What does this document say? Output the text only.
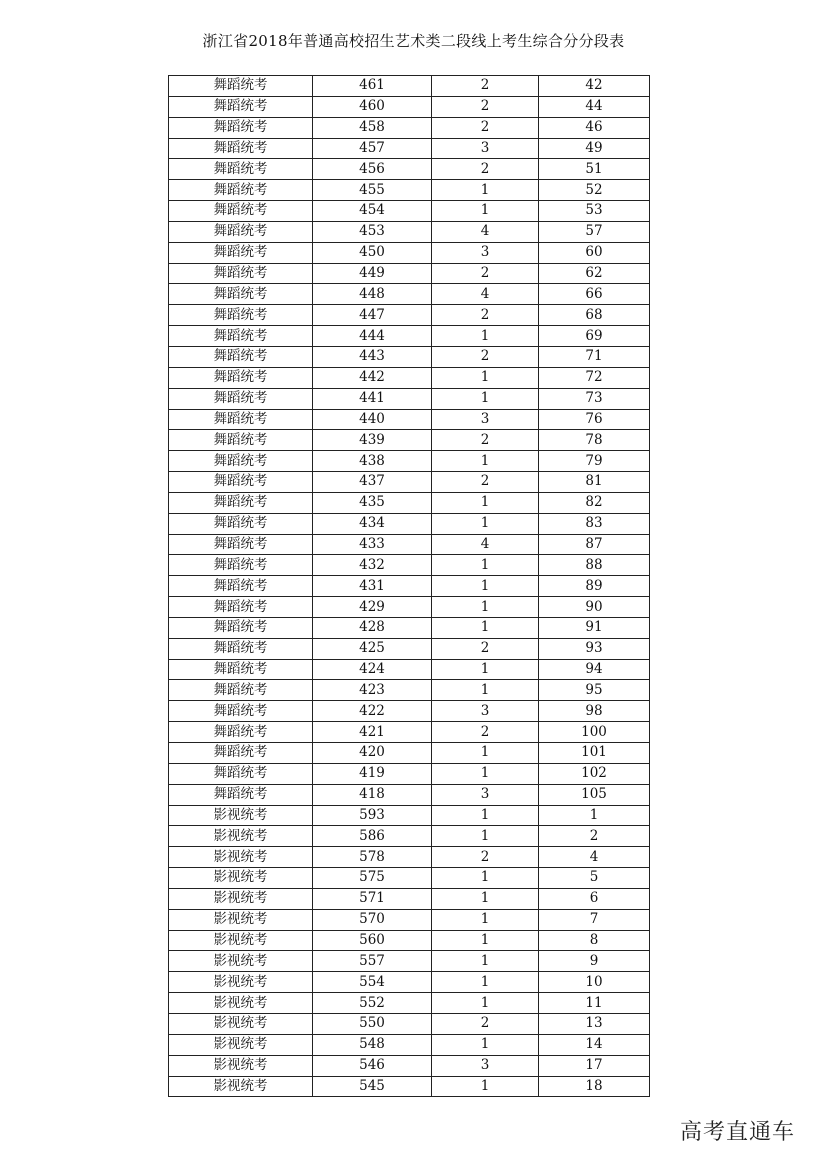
浙江省2018年普通高校招生艺术类二段线上考生综合分分段表
舞蹈统考	461	2	42
舞蹈统考	460	2	44
舞蹈统考	458	2	46
舞蹈统考	457	3	49
舞蹈统考	456	2	51
舞蹈统考	455	1	52
舞蹈统考	454	1	53
舞蹈统考	453	4	57
舞蹈统考	450	3	60
舞蹈统考	449	2	62
舞蹈统考	448	4	66
舞蹈统考	447	2	68
舞蹈统考	444	1	69
舞蹈统考	443	2	71
舞蹈统考	442	1	72
舞蹈统考	441	1	73
舞蹈统考	440	3	76
舞蹈统考	439	2	78
舞蹈统考	438	1	79
舞蹈统考	437	2	81
舞蹈统考	435	1	82
舞蹈统考	434	1	83
舞蹈统考	433	4	87
舞蹈统考	432	1	88
舞蹈统考	431	1	89
舞蹈统考	429	1	90
舞蹈统考	428	1	91
舞蹈统考	425	2	93
舞蹈统考	424	1	94
舞蹈统考	423	1	95
舞蹈统考	422	3	98
舞蹈统考	421	2	100
舞蹈统考	420	1	101
舞蹈统考	419	1	102
舞蹈统考	418	3	105
影视统考	593	1	1
影视统考	586	1	2
影视统考	578	2	4
影视统考	575	1	5
影视统考	571	1	6
影视统考	570	1	7
影视统考	560	1	8
影视统考	557	1	9
影视统考	554	1	10
影视统考	552	1	11
影视统考	550	2	13
影视统考	548	1	14
影视统考	546	3	17
影视统考	545	1	18
高考直通车
